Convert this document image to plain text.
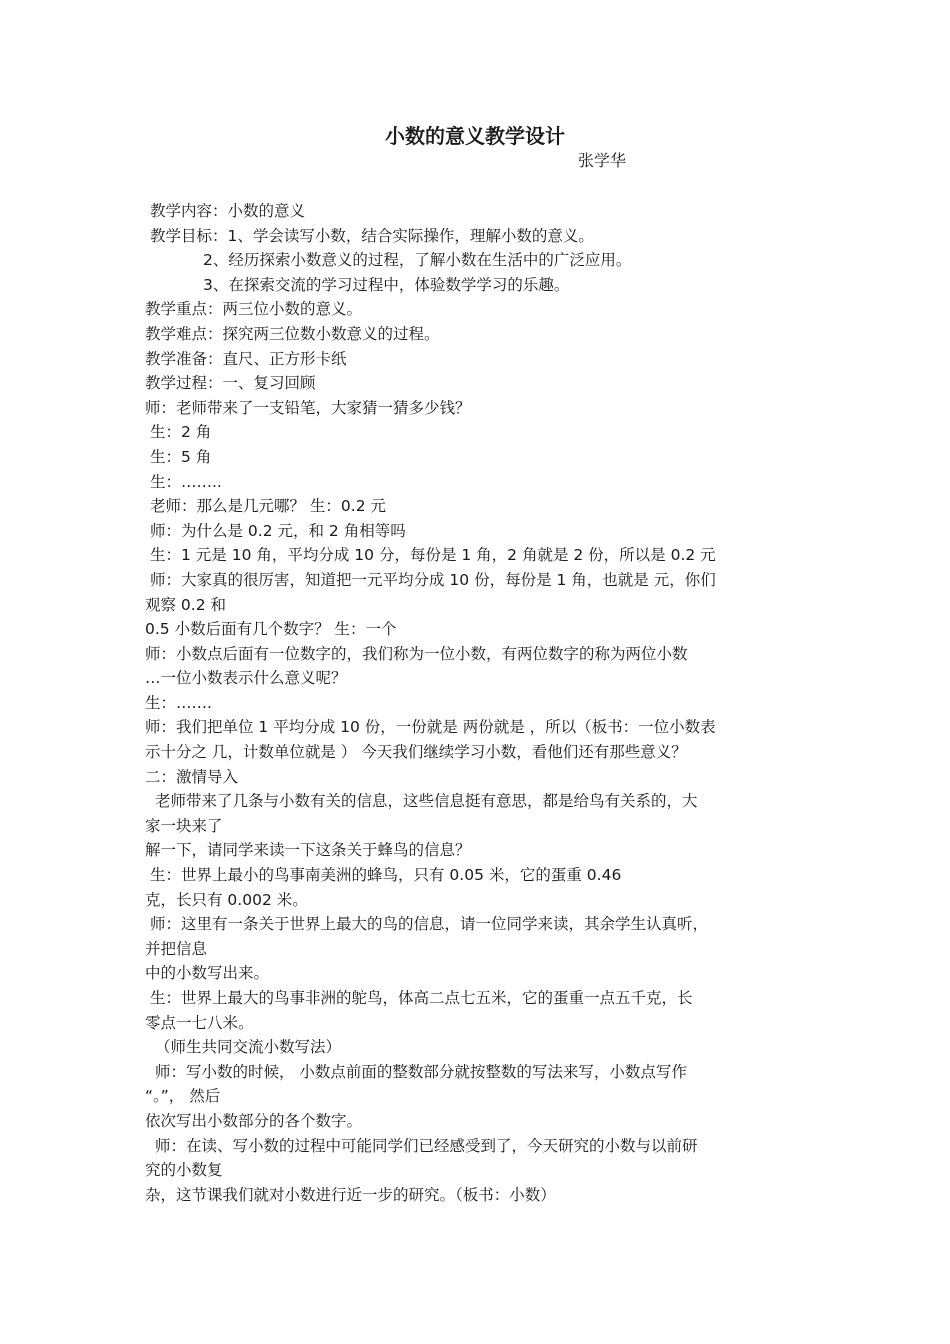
小数的意义教学设计
张学华
教学内容：小数的意义
教学目标：1、学会读写小数，结合实际操作，理解小数的意义。
2、经历探索小数意义的过程，了解小数在生活中的广泛应用。
3、在探索交流的学习过程中，体验数学学习的乐趣。
教学重点：两三位小数的意义。
教学难点：探究两三位数小数意义的过程。
教学准备：直尺、正方形卡纸
教学过程：一、复习回顾
师：老师带来了一支铅笔，大家猜一猜多少钱？
生：2 角
生：5 角
生：……..
老师：那么是几元哪？ 生：0.2 元
师：为什么是 0.2 元，和 2 角相等吗
生：1 元是 10 角，平均分成 10 分，每份是 1 角，2 角就是 2 份，所以是 0.2 元
师：大家真的很厉害，知道把一元平均分成 10 份，每份是 1 角，也就是 元，你们
观察 0.2 和
0.5 小数后面有几个数字？ 生：一个
师：小数点后面有一位数字的，我们称为一位小数，有两位数字的称为两位小数
…一位小数表示什么意义呢？
生：…….
师：我们把单位 1 平均分成 10 份，一份就是 两份就是 ，所以（板书：一位小数表
示十分之 几，计数单位就是 ） 今天我们继续学习小数，看他们还有那些意义？
二：激情导入
老师带来了几条与小数有关的信息，这些信息挺有意思，都是给鸟有关系的，大
家一块来了
解一下，请同学来读一下这条关于蜂鸟的信息？
生：世界上最小的鸟事南美洲的蜂鸟，只有 0.05 米，它的蛋重 0.46
克，长只有 0.002 米。
师：这里有一条关于世界上最大的鸟的信息，请一位同学来读，其余学生认真听，
并把信息
中的小数写出来。
生：世界上最大的鸟事非洲的鸵鸟，体高二点七五米，它的蛋重一点五千克，长
零点一七八米。
（师生共同交流小数写法）
师：写小数的时候， 小数点前面的整数部分就按整数的写法来写，小数点写作
“。”， 然后
依次写出小数部分的各个数字。
师：在读、写小数的过程中可能同学们已经感受到了，今天研究的小数与以前研
究的小数复
杂，这节课我们就对小数进行近一步的研究。（板书：小数）
